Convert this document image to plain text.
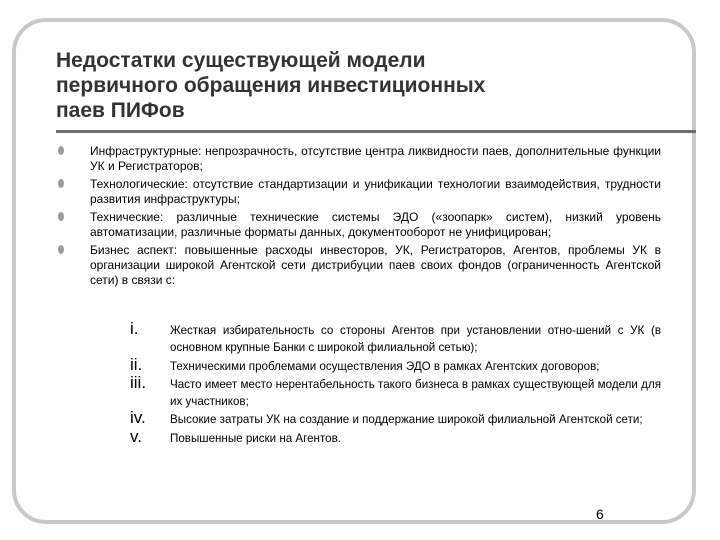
Недостатки существующей модели
первичного обращения инвестиционных
паев ПИФов
Инфраструктурные: непрозрачность, отсутствие центра ликвидности паев, дополнительные функции УК и Регистраторов;
Технологические: отсутствие стандартизации и унификации технологии взаимодействия, трудности развития инфраструктуры;
Технические: различные технические системы ЭДО («зоопарк» систем), низкий уровень автоматизации, различные форматы данных, документооборот не унифицирован;
Бизнес аспект: повышенные расходы инвесторов, УК, Регистраторов, Агентов, проблемы УК в организации широкой Агентской сети дистрибуции паев своих фондов (ограниченность Агентской сети) в связи с:
i.	Жесткая избирательность со стороны Агентов при установлении отно-шений с УК (в основном крупные Банки с широкой филиальной сетью);
ii. Техническими проблемами осуществления ЭДО в рамках Агентских договоров;
iii. Часто имеет место нерентабельность такого бизнеса в рамках существующей модели для их участников;
iv. Высокие затраты УК на создание и поддержание широкой филиальной Агентской сети;
v. Повышенные риски на Агентов.
6
